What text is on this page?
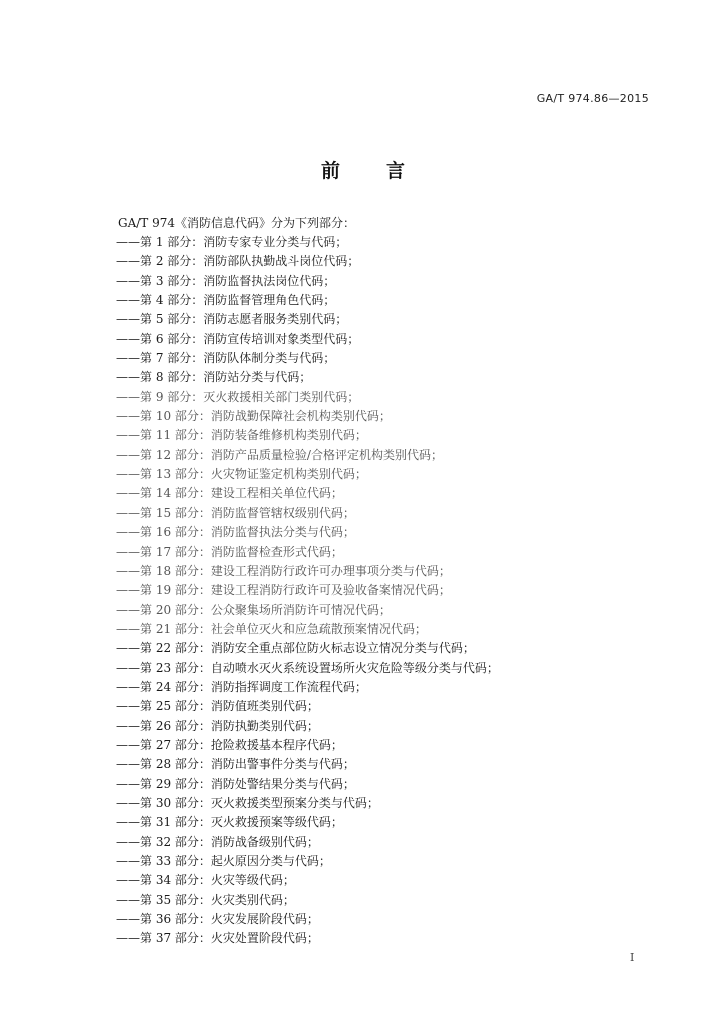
GA/T 974.86—2015
前言
GA/T 974《消防信息代码》分为下列部分：
——第 1 部分：消防专家专业分类与代码；
——第 2 部分：消防部队执勤战斗岗位代码；
——第 3 部分：消防监督执法岗位代码；
——第 4 部分：消防监督管理角色代码；
——第 5 部分：消防志愿者服务类别代码；
——第 6 部分：消防宣传培训对象类型代码；
——第 7 部分：消防队体制分类与代码；
——第 8 部分：消防站分类与代码；
——第 9 部分：灭火救援相关部门类别代码；
——第 10 部分：消防战勤保障社会机构类别代码；
——第 11 部分：消防装备维修机构类别代码；
——第 12 部分：消防产品质量检验/合格评定机构类别代码；
——第 13 部分：火灾物证鉴定机构类别代码；
——第 14 部分：建设工程相关单位代码；
——第 15 部分：消防监督管辖权级别代码；
——第 16 部分：消防监督执法分类与代码；
——第 17 部分：消防监督检查形式代码；
——第 18 部分：建设工程消防行政许可办理事项分类与代码；
——第 19 部分：建设工程消防行政许可及验收备案情况代码；
——第 20 部分：公众聚集场所消防许可情况代码；
——第 21 部分：社会单位灭火和应急疏散预案情况代码；
——第 22 部分：消防安全重点部位防火标志设立情况分类与代码；
——第 23 部分：自动喷水灭火系统设置场所火灾危险等级分类与代码；
——第 24 部分：消防指挥调度工作流程代码；
——第 25 部分：消防值班类别代码；
——第 26 部分：消防执勤类别代码；
——第 27 部分：抢险救援基本程序代码；
——第 28 部分：消防出警事件分类与代码；
——第 29 部分：消防处警结果分类与代码；
——第 30 部分：灭火救援类型预案分类与代码；
——第 31 部分：灭火救援预案等级代码；
——第 32 部分：消防战备级别代码；
——第 33 部分：起火原因分类与代码；
——第 34 部分：火灾等级代码；
——第 35 部分：火灾类别代码；
——第 36 部分：火灾发展阶段代码；
——第 37 部分：火灾处置阶段代码；
I
